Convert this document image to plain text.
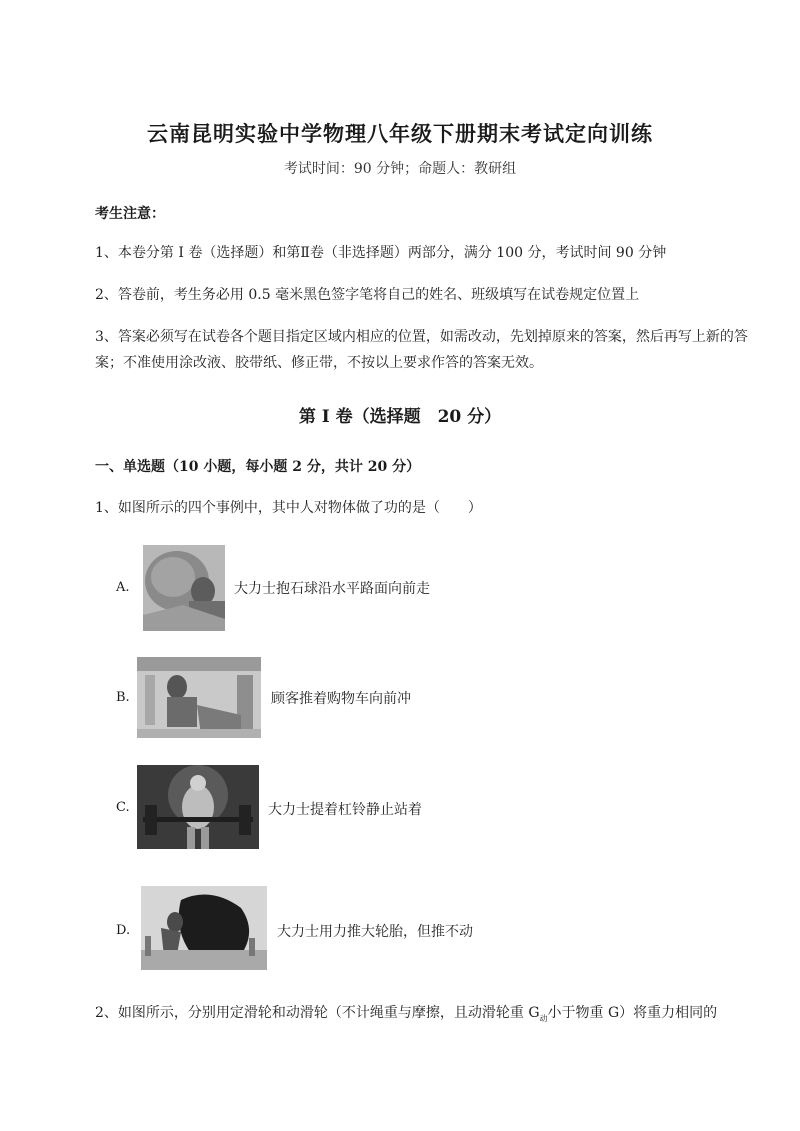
云南昆明实验中学物理八年级下册期末考试定向训练
考试时间：90 分钟；命题人：教研组
考生注意：
1、本卷分第 I 卷（选择题）和第Ⅱ卷（非选择题）两部分，满分 100 分，考试时间 90 分钟
2、答卷前，考生务必用 0.5 毫米黑色签字笔将自己的姓名、班级填写在试卷规定位置上
3、答案必须写在试卷各个题目指定区域内相应的位置，如需改动，先划掉原来的答案，然后再写上新的答案；不准使用涂改液、胶带纸、修正带，不按以上要求作答的答案无效。
第 I 卷（选择题　20 分）
一、单选题（10 小题，每小题 2 分，共计 20 分）
1、如图所示的四个事例中，其中人对物体做了功的是（　　）
A.	大力士抱石球沿水平路面向前走
B.	顾客推着购物车向前冲
C.	大力士提着杠铃静止站着
D.	大力士用力推大轮胎，但推不动
2、如图所示，分别用定滑轮和动滑轮（不计绳重与摩擦，且动滑轮重 $G_动$小于物重 G）将重力相同的
